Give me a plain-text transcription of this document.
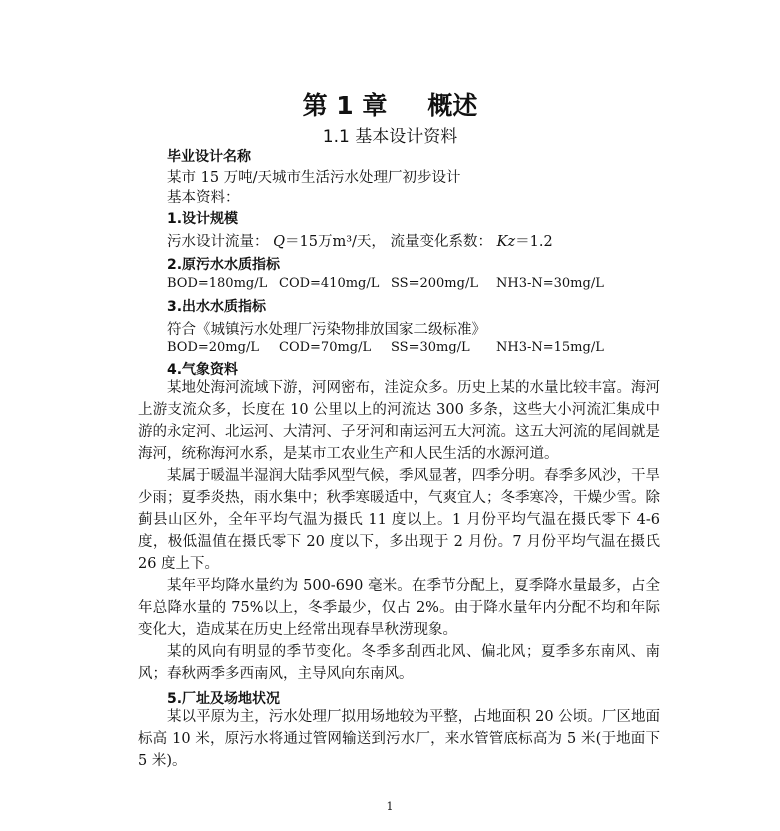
第 1 章 概述
1.1 基本设计资料
毕业设计名称
某市 15 万吨/天城市生活污水处理厂初步设计
基本资料：
1.设计规模
污水设计流量： Q＝15万m³/天， 流量变化系数： Kz＝1.2
2.原污水水质指标
BOD=180mg/L COD=410mg/L SS=200mg/L NH3-N=30mg/L
3.出水水质指标
符合《城镇污水处理厂污染物排放国家二级标准》
BOD=20mg/L COD=70mg/L SS=30mg/L NH3-N=15mg/L
4.气象资料

某地处海河流域下游，河网密布，洼淀众多。历史上某的水量比较丰富。海河上游支流众多，长度在 10 公里以上的河流达 300 多条，这些大小河流汇集成中游的永定河、北运河、大清河、子牙河和南运河五大河流。这五大河流的尾闾就是海河，统称海河水系，是某市工农业生产和人民生活的水源河道。

某属于暖温半湿润大陆季风型气候，季风显著，四季分明。春季多风沙，干旱少雨；夏季炎热，雨水集中；秋季寒暖适中，气爽宜人；冬季寒冷，干燥少雪。除蓟县山区外，全年平均气温为摄氏 11 度以上。1 月份平均气温在摄氏零下 4-6 度，极低温值在摄氏零下 20 度以下，多出现于 2 月份。7 月份平均气温在摄氏 26 度上下。

某年平均降水量约为 500-690 毫米。在季节分配上，夏季降水量最多，占全年总降水量的 75%以上，冬季最少，仅占 2%。由于降水量年内分配不均和年际变化大，造成某在历史上经常出现春旱秋涝现象。

某的风向有明显的季节变化。冬季多刮西北风、偏北风；夏季多东南风、南风；春秋两季多西南风，主导风向东南风。

5.厂址及场地状况

某以平原为主，污水处理厂拟用场地较为平整，占地面积 20 公顷。厂区地面标高 10 米，原污水将通过管网输送到污水厂，来水管管底标高为 5 米(于地面下 5 米)。

1
